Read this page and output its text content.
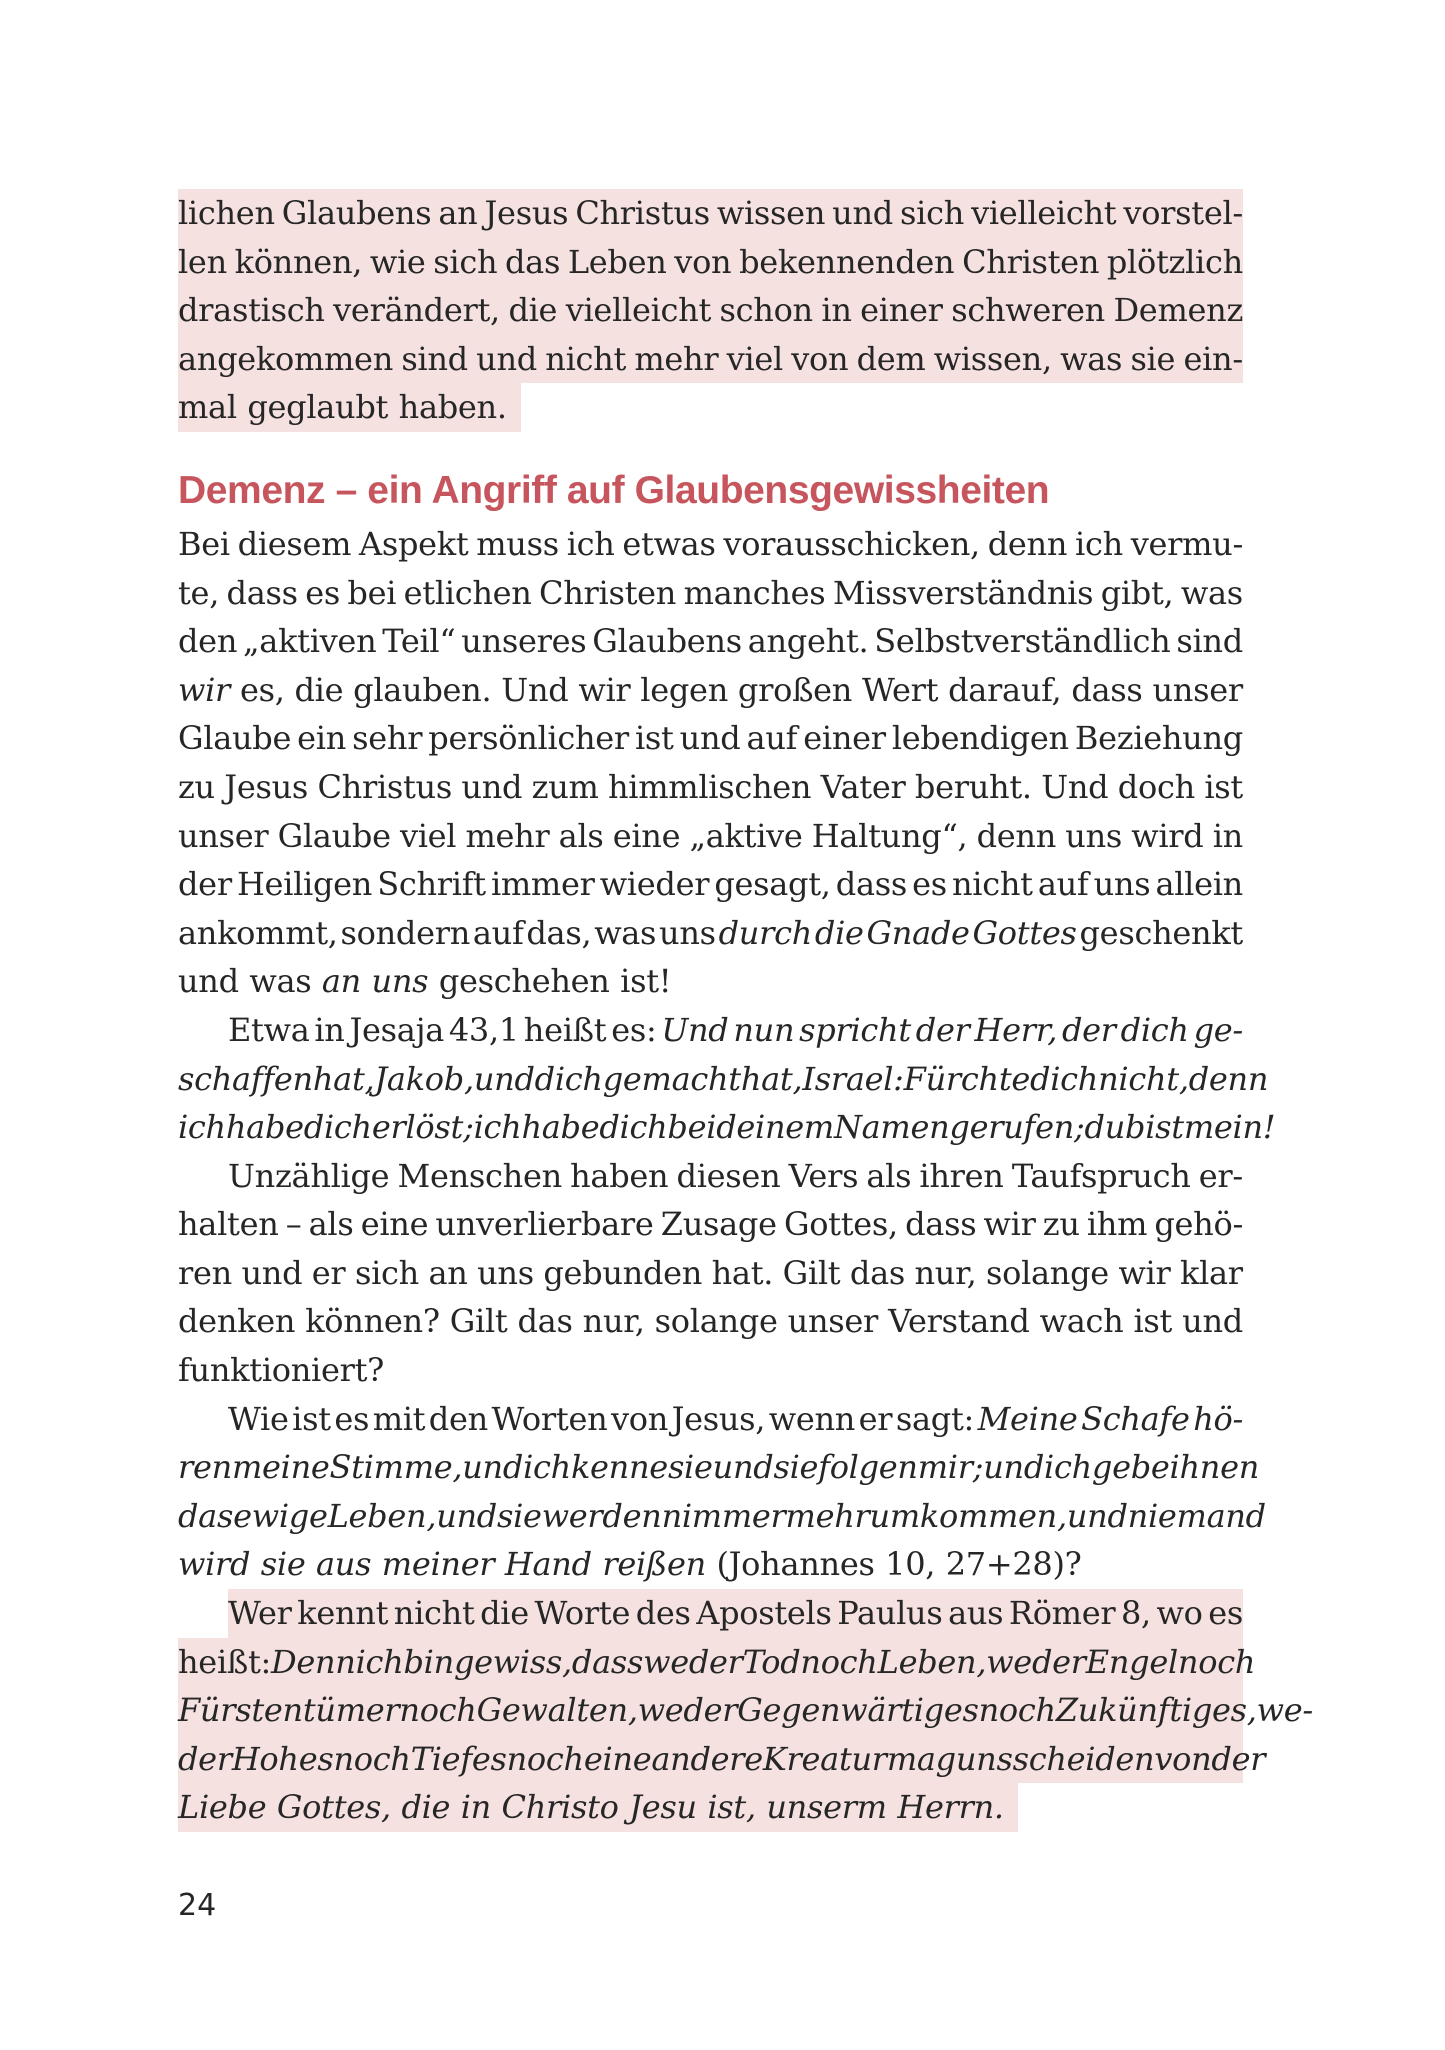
lichen Glaubens an Jesus Christus wissen und sich vielleicht vorstel-
len können, wie sich das Leben von bekennenden Christen plötzlich
drastisch verändert, die vielleicht schon in einer schweren Demenz
angekommen sind und nicht mehr viel von dem wissen, was sie ein-
mal geglaubt haben.
Demenz – ein Angriff auf Glaubensgewissheiten
Bei diesem Aspekt muss ich etwas vorausschicken, denn ich vermu-
te, dass es bei etlichen Christen manches Missverständnis gibt, was
den „aktiven Teil“ unseres Glaubens angeht. Selbstverständlich sind
wir es, die glauben. Und wir legen großen Wert darauf, dass unser
Glaube ein sehr persönlicher ist und auf einer lebendigen Beziehung
zu Jesus Christus und zum himmlischen Vater beruht. Und doch ist
unser Glaube viel mehr als eine „aktive Haltung“, denn uns wird in
der Heiligen Schrift immer wieder gesagt, dass es nicht auf uns allein
ankommt, sondern auf das, was uns durch die Gnade Gottes geschenkt
und was an uns geschehen ist!
Etwa in Jesaja 43,1 heißt es: Und nun spricht der Herr, der dich ge-
schaffen hat, Jakob, und dich gemacht hat, Israel: Fürchte dich nicht, denn
ich habe dich erlöst; ich habe dich bei deinem Namen gerufen; du bist mein!
Unzählige Menschen haben diesen Vers als ihren Taufspruch er-
halten – als eine unverlierbare Zusage Gottes, dass wir zu ihm gehö-
ren und er sich an uns gebunden hat. Gilt das nur, solange wir klar
denken können? Gilt das nur, solange unser Verstand wach ist und
funktioniert?
Wie ist es mit den Worten von Jesus, wenn er sagt: Meine Schafe hö-
ren meine Stimme, und ich kenne sie und sie folgen mir; und ich gebe ihnen
das ewige Leben, und sie werden nimmermehr umkommen, und niemand
wird sie aus meiner Hand reißen (Johannes 10, 27+28)?
Wer kennt nicht die Worte des Apostels Paulus aus Römer 8, wo es
heißt: Denn ich bin gewiss, dass weder Tod noch Leben, weder Engel noch
Fürstentümer noch Gewalten, weder Gegenwärtiges noch Zukünftiges, we-
der Hohes noch Tiefes noch eine andere Kreatur mag uns scheiden von der
Liebe Gottes, die in Christo Jesu ist, unserm Herrn.
24
